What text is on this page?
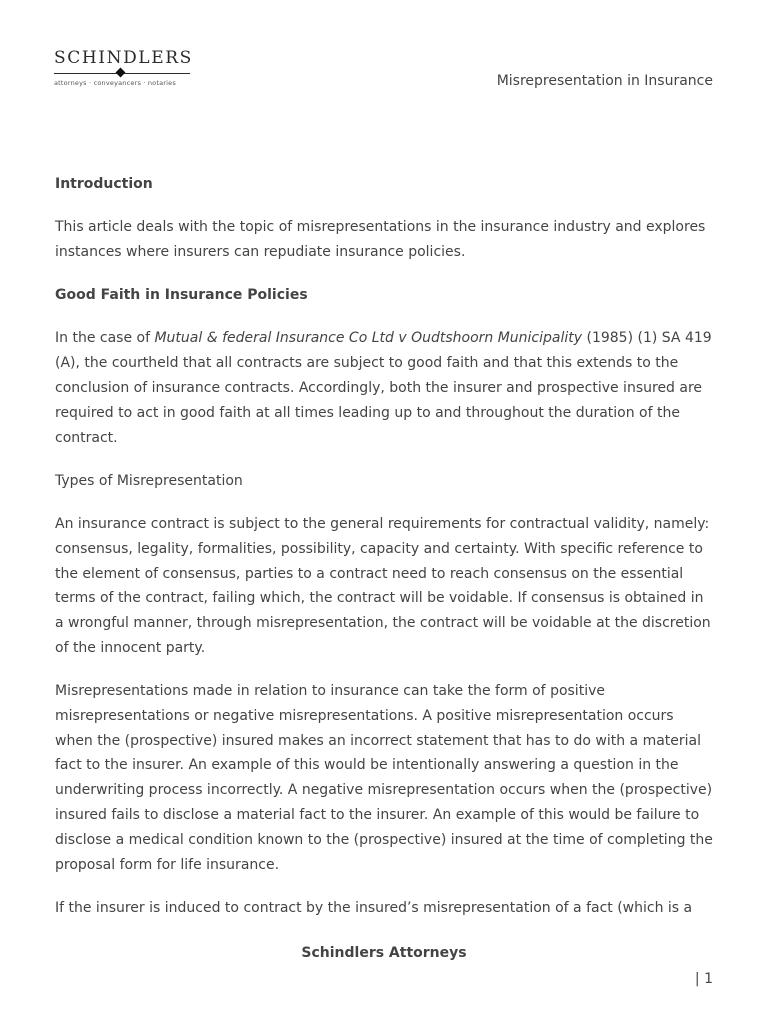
SCHINDLERS
attorneys · conveyancers · notaries	Misrepresentation in Insurance
Introduction

This article deals with the topic of misrepresentations in the insurance industry and explores instances where insurers can repudiate insurance policies.

Good Faith in Insurance Policies

In the case of Mutual & federal Insurance Co Ltd v Oudtshoorn Municipality (1985) (1) SA 419 (A), the courtheld that all contracts are subject to good faith and that this extends to the conclusion of insurance contracts. Accordingly, both the insurer and prospective insured are required to act in good faith at all times leading up to and throughout the duration of the contract.

Types of Misrepresentation

An insurance contract is subject to the general requirements for contractual validity, namely: consensus, legality, formalities, possibility, capacity and certainty. With specific reference to the element of consensus, parties to a contract need to reach consensus on the essential terms of the contract, failing which, the contract will be voidable. If consensus is obtained in a wrongful manner, through misrepresentation, the contract will be voidable at the discretion of the innocent party.

Misrepresentations made in relation to insurance can take the form of positive misrepresentations or negative misrepresentations. A positive misrepresentation occurs when the (prospective) insured makes an incorrect statement that has to do with a material fact to the insurer. An example of this would be intentionally answering a question in the underwriting process incorrectly. A negative misrepresentation occurs when the (prospective) insured fails to disclose a material fact to the insurer. An example of this would be failure to disclose a medical condition known to the (prospective) insured at the time of completing the proposal form for life insurance.

If the insurer is induced to contract by the insured’s misrepresentation of a fact (which is a

Schindlers Attorneys
| 1
